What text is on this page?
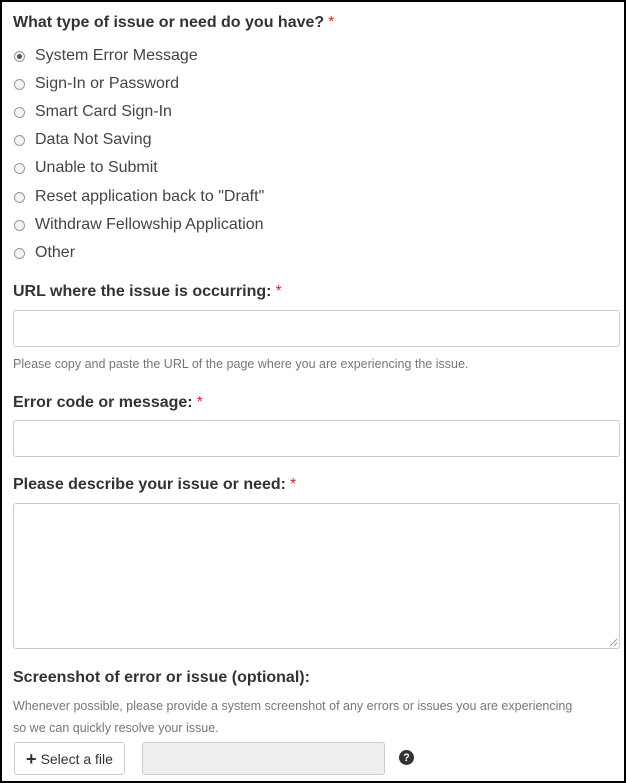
What type of issue or need do you have? *
System Error Message
Sign-In or Password
Smart Card Sign-In
Data Not Saving
Unable to Submit
Reset application back to "Draft"
Withdraw Fellowship Application
Other
URL where the issue is occurring: *
Please copy and paste the URL of the page where you are experiencing the issue.
Error code or message: *
Please describe your issue or need: *
Screenshot of error or issue (optional):
Whenever possible, please provide a system screenshot of any errors or issues you are experiencing
so we can quickly resolve your issue.
+ Select a file	?
